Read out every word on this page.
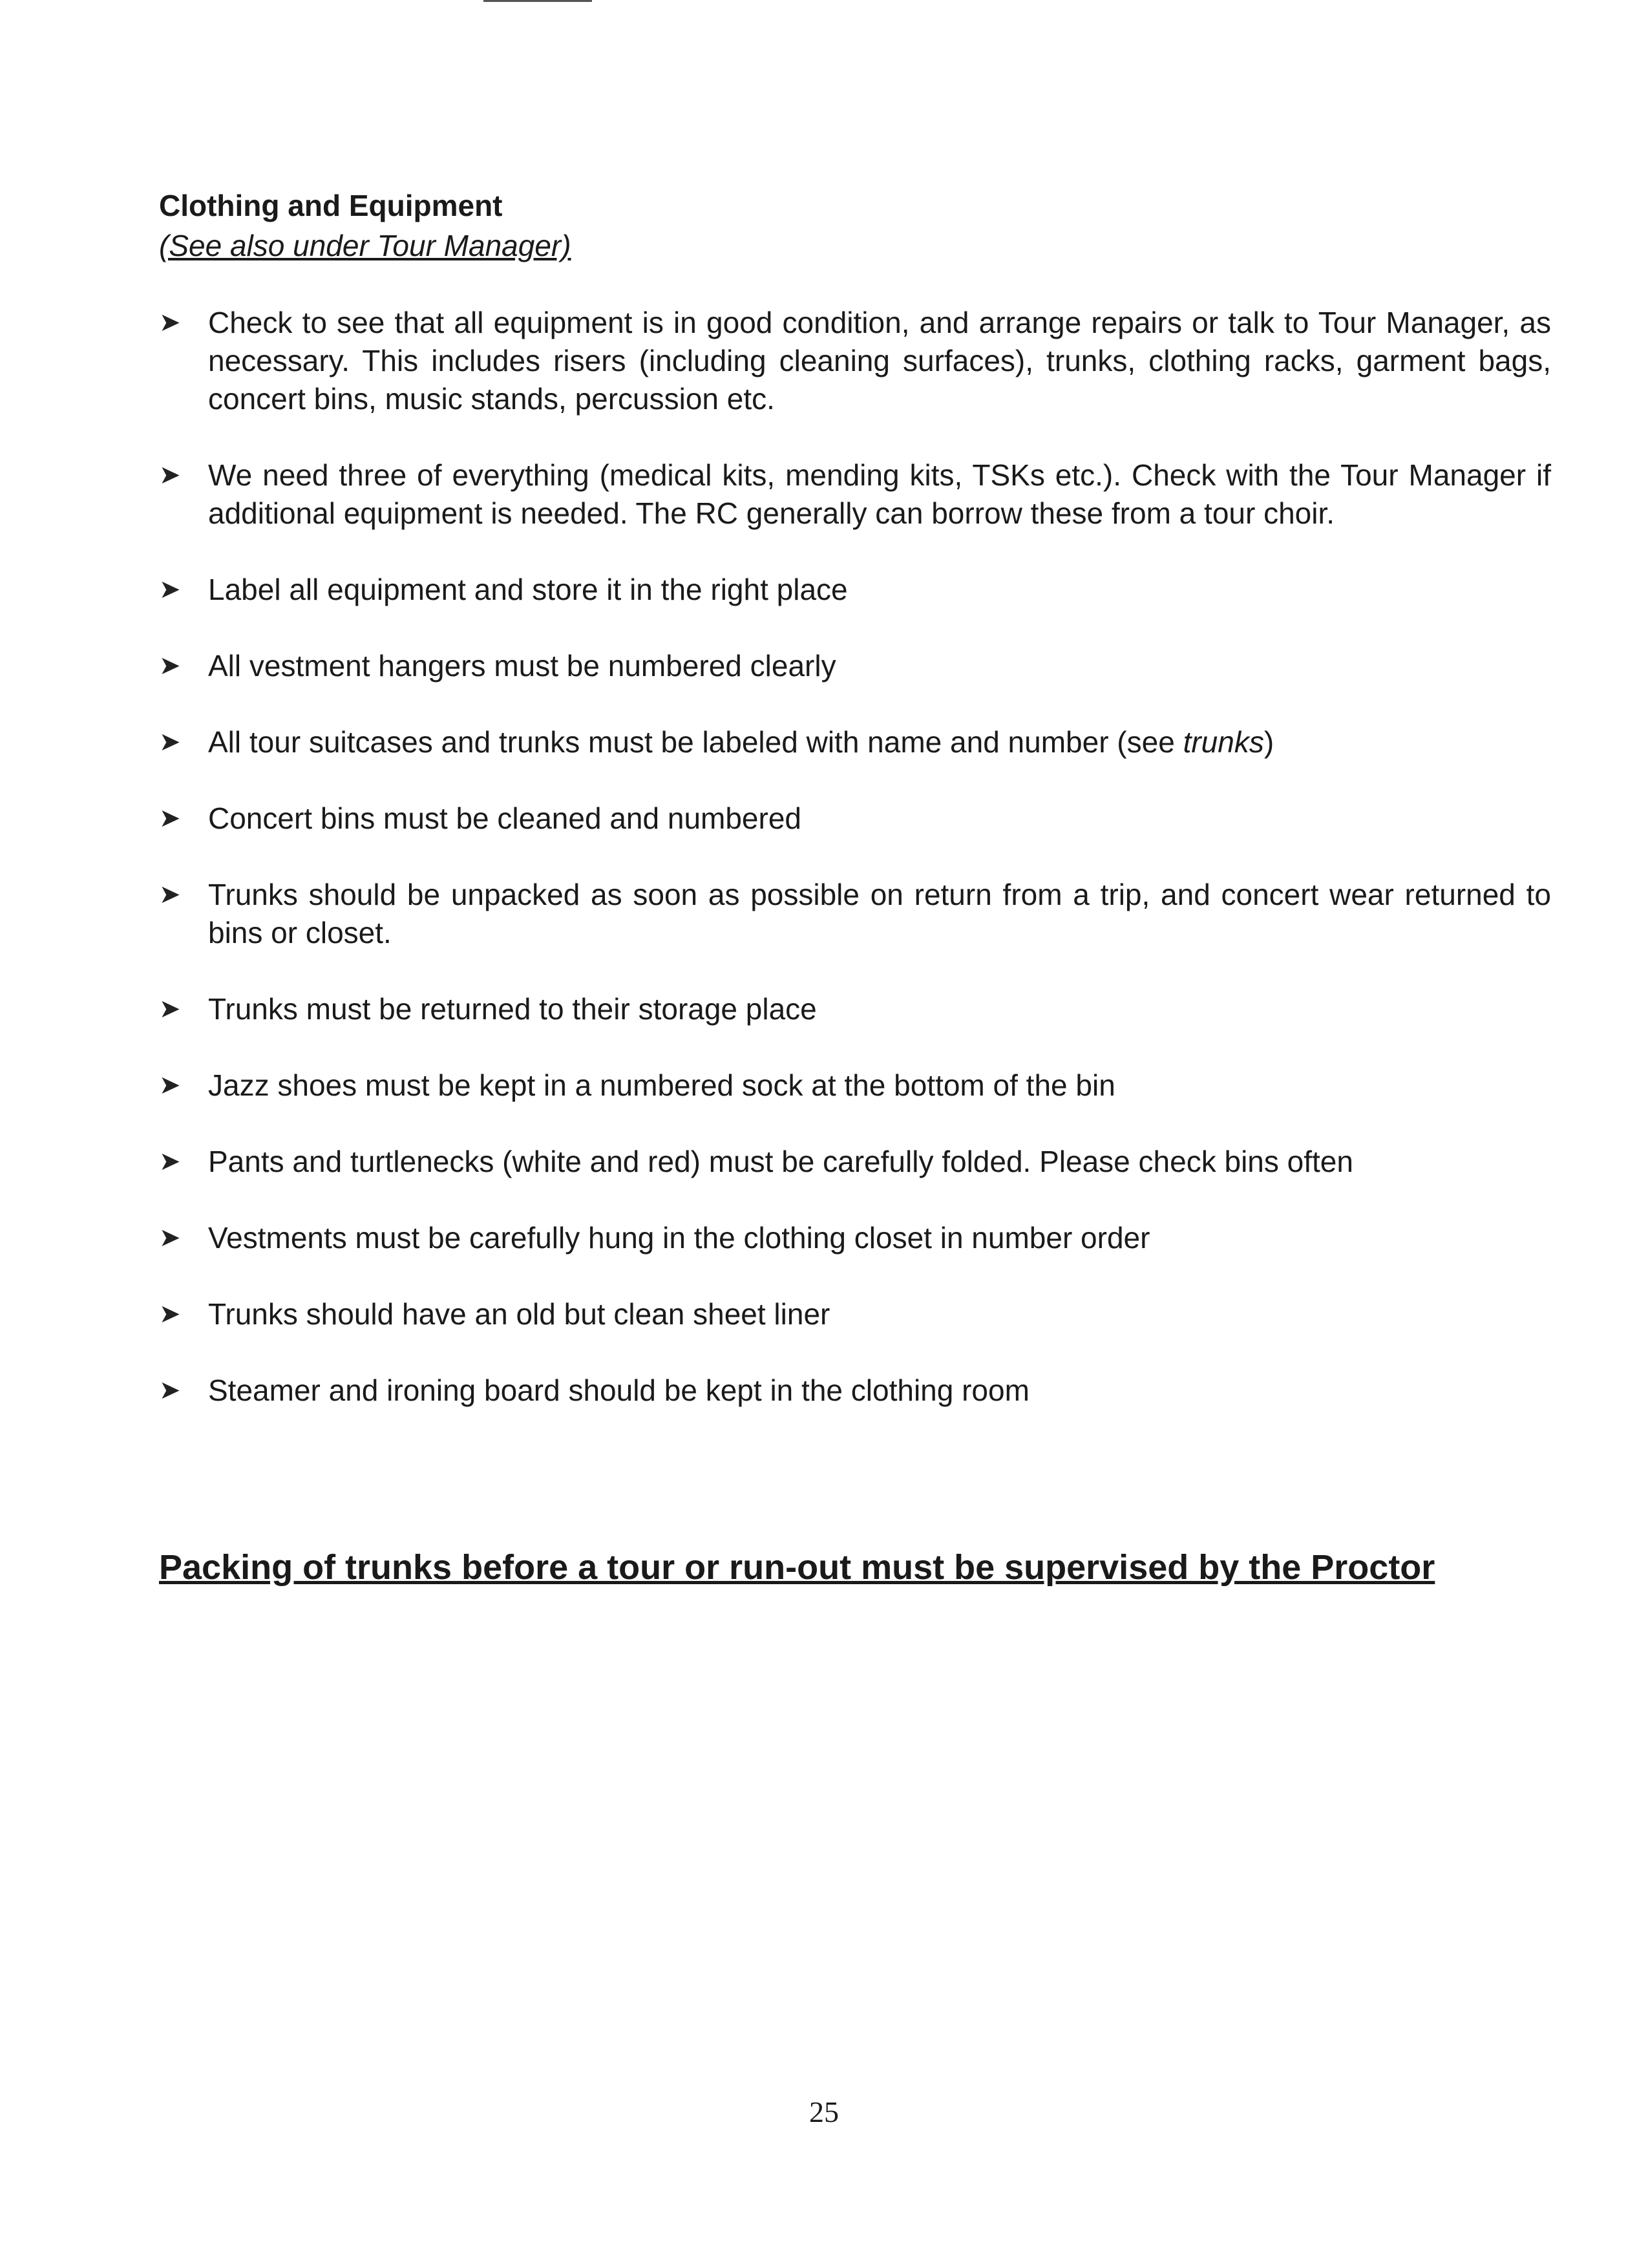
Clothing and Equipment
(See also under Tour Manager)
➤ Check to see that all equipment is in good condition, and arrange repairs or talk to Tour Manager, as necessary. This includes risers (including cleaning surfaces), trunks, clothing racks, garment bags, concert bins, music stands, percussion etc.
➤ We need three of everything (medical kits, mending kits, TSKs etc.). Check with the Tour Manager if additional equipment is needed. The RC generally can borrow these from a tour choir.
➤ Label all equipment and store it in the right place
➤ All vestment hangers must be numbered clearly
➤ All tour suitcases and trunks must be labeled with name and number (see trunks)
➤ Concert bins must be cleaned and numbered
➤ Trunks should be unpacked as soon as possible on return from a trip, and concert wear returned to bins or closet.
➤ Trunks must be returned to their storage place
➤ Jazz shoes must be kept in a numbered sock at the bottom of the bin
➤ Pants and turtlenecks (white and red) must be carefully folded. Please check bins often
➤ Vestments must be carefully hung in the clothing closet in number order
➤ Trunks should have an old but clean sheet liner
➤ Steamer and ironing board should be kept in the clothing room
Packing of trunks before a tour or run-out must be supervised by the Proctor
25
